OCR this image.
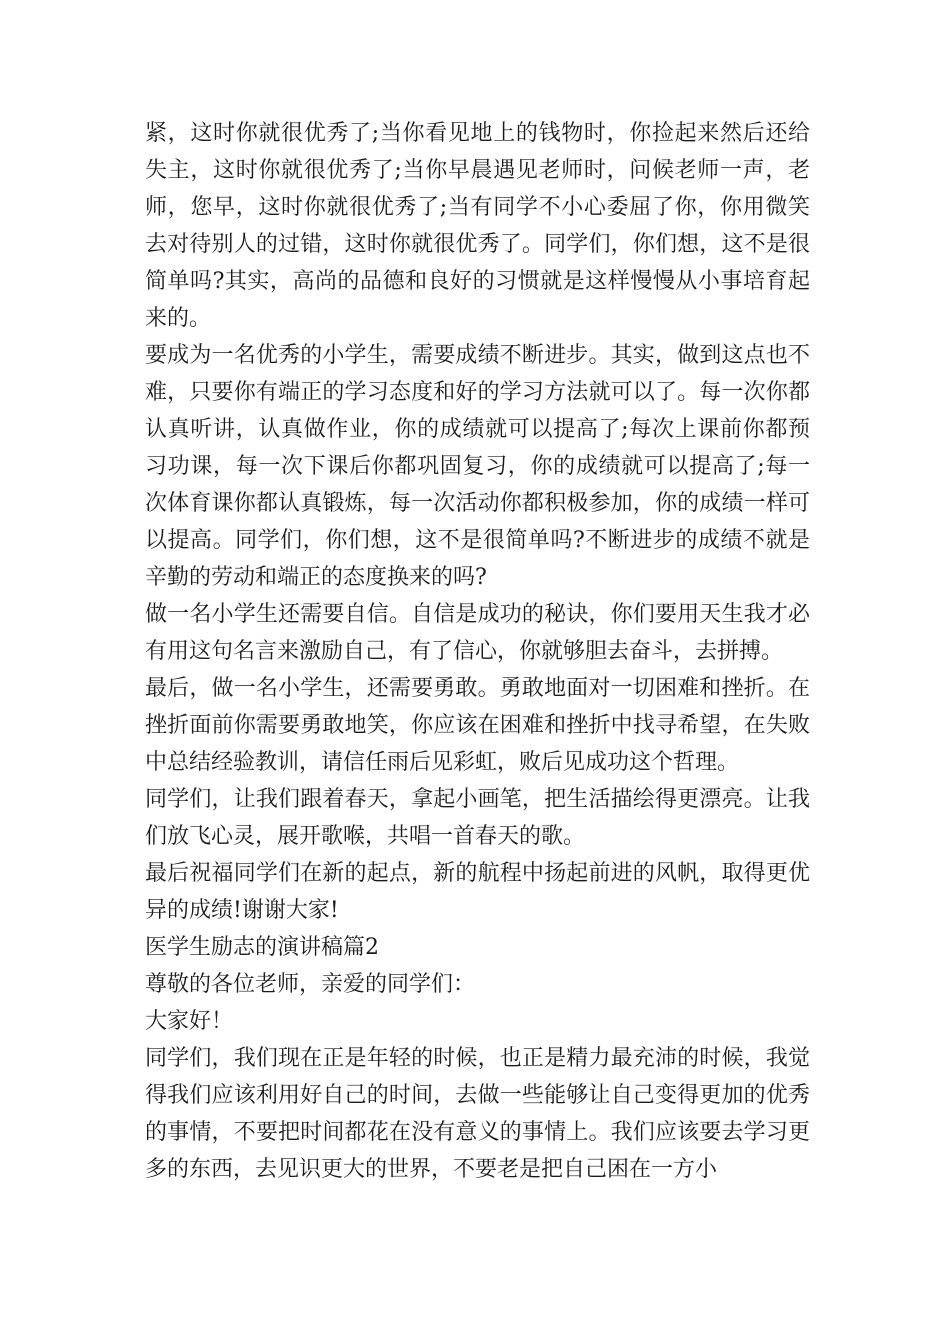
紧，这时你就很优秀了;当你看见地上的钱物时，你捡起来然后还给失主，这时你就很优秀了;当你早晨遇见老师时，问候老师一声，老师，您早，这时你就很优秀了;当有同学不小心委屈了你，你用微笑去对待别人的过错，这时你就很优秀了。同学们，你们想，这不是很简单吗?其实，高尚的品德和良好的习惯就是这样慢慢从小事培育起来的。

要成为一名优秀的小学生，需要成绩不断进步。其实，做到这点也不难，只要你有端正的学习态度和好的学习方法就可以了。每一次你都认真听讲，认真做作业，你的成绩就可以提高了;每次上课前你都预习功课，每一次下课后你都巩固复习，你的成绩就可以提高了;每一次体育课你都认真锻炼，每一次活动你都积极参加，你的成绩一样可以提高。同学们，你们想，这不是很简单吗?不断进步的成绩不就是辛勤的劳动和端正的态度换来的吗?

做一名小学生还需要自信。自信是成功的秘诀，你们要用天生我才必有用这句名言来激励自己，有了信心，你就够胆去奋斗，去拼搏。

最后，做一名小学生，还需要勇敢。勇敢地面对一切困难和挫折。在挫折面前你需要勇敢地笑，你应该在困难和挫折中找寻希望，在失败中总结经验教训，请信任雨后见彩虹，败后见成功这个哲理。

同学们，让我们跟着春天，拿起小画笔，把生活描绘得更漂亮。让我们放飞心灵，展开歌喉，共唱一首春天的歌。

最后祝福同学们在新的起点，新的航程中扬起前进的风帆，取得更优异的成绩!谢谢大家!

医学生励志的演讲稿篇2

尊敬的各位老师，亲爱的同学们：

大家好！

同学们，我们现在正是年轻的时候，也正是精力最充沛的时候，我觉得我们应该利用好自己的时间，去做一些能够让自己变得更加的优秀的事情，不要把时间都花在没有意义的事情上。我们应该要去学习更多的东西，去见识更大的世界，不要老是把自己困在一方小
